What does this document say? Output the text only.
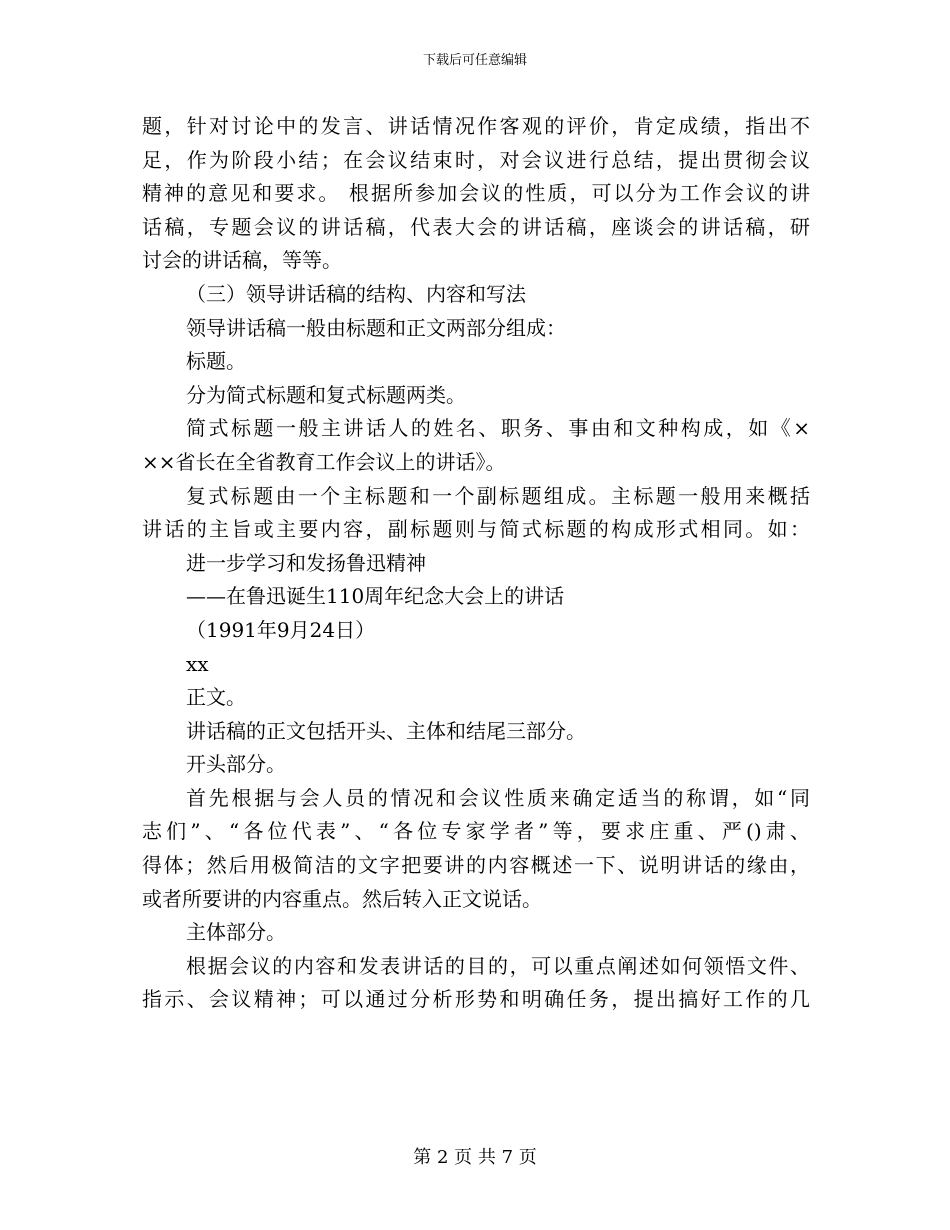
下载后可任意编辑
题，针对讨论中的发言、讲话情况作客观的评价，肯定成绩，指出不
足，作为阶段小结；在会议结束时，对会议进行总结，提出贯彻会议
精神的意见和要求。 根据所参加会议的性质，可以分为工作会议的讲
话稿，专题会议的讲话稿，代表大会的讲话稿，座谈会的讲话稿，研
讨会的讲话稿，等等。
（三）领导讲话稿的结构、内容和写法
领导讲话稿一般由标题和正文两部分组成：
标题。
分为简式标题和复式标题两类。
简式标题一般主讲话人的姓名、职务、事由和文种构成，如《×
××省长在全省教育工作会议上的讲话》。
复式标题由一个主标题和一个副标题组成。主标题一般用来概括
讲话的主旨或主要内容，副标题则与简式标题的构成形式相同。如：
进一步学习和发扬鲁迅精神
——在鲁迅诞生110周年纪念大会上的讲话
（1991年9月24日）
xx
正文。
讲话稿的正文包括开头、主体和结尾三部分。
开头部分。
首先根据与会人员的情况和会议性质来确定适当的称谓，如“同
志们”、“各位代表”、“各位专家学者”等，要求庄重、严()肃、
得体；然后用极简洁的文字把要讲的内容概述一下、说明讲话的缘由，
或者所要讲的内容重点。然后转入正文说话。
主体部分。
根据会议的内容和发表讲话的目的，可以重点阐述如何领悟文件、
指示、会议精神；可以通过分析形势和明确任务，提出搞好工作的几
第 2 页 共 7 页
